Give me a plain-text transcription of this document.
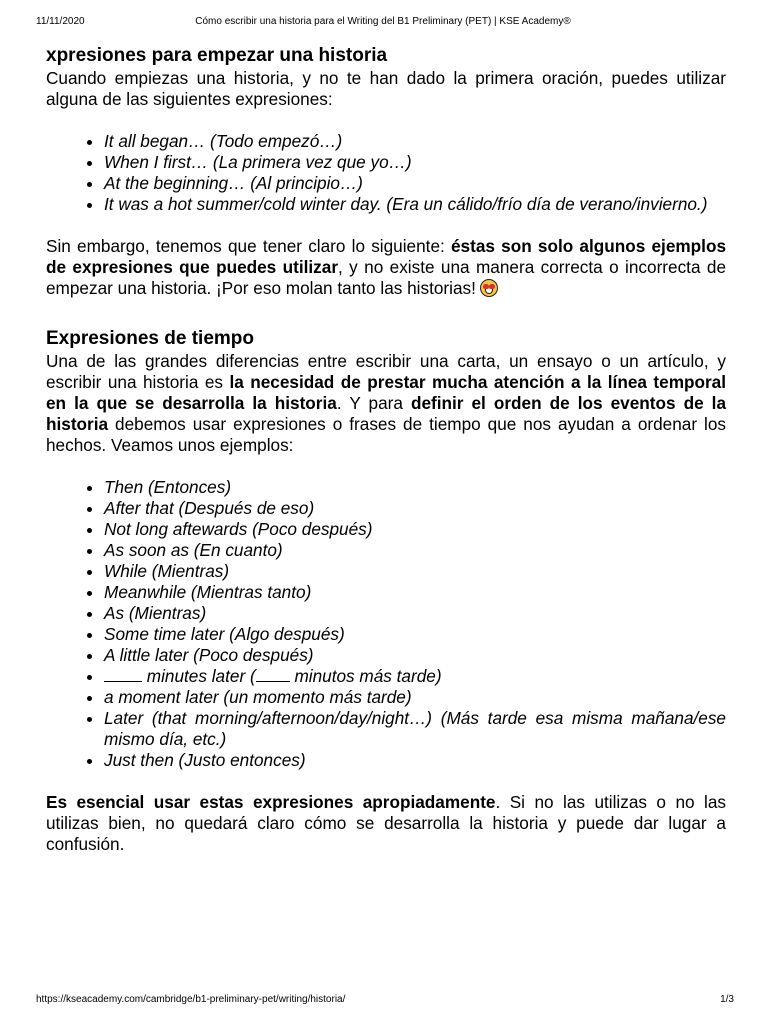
11/11/2020	Cómo escribir una historia para el Writing del B1 Preliminary (PET) | KSE Academy®
xpresiones para empezar una historia

Cuando empiezas una historia, y no te han dado la primera oración, puedes utilizar alguna de las siguientes expresiones:

• It all began… (Todo empezó…)
• When I first… (La primera vez que yo…)
• At the beginning… (Al principio…)
• It was a hot summer/cold winter day. (Era un cálido/frío día de verano/invierno.)

Sin embargo, tenemos que tener claro lo siguiente: éstas son solo algunos ejemplos de expresiones que puedes utilizar, y no existe una manera correcta o incorrecta de empezar una historia. ¡Por eso molan tanto las historias!

Expresiones de tiempo

Una de las grandes diferencias entre escribir una carta, un ensayo o un artículo, y escribir una historia es la necesidad de prestar mucha atención a la línea temporal en la que se desarrolla la historia. Y para definir el orden de los eventos de la historia debemos usar expresiones o frases de tiempo que nos ayudan a ordenar los hechos. Veamos unos ejemplos:

• Then (Entonces)
• After that (Después de eso)
• Not long aftewards (Poco después)
• As soon as (En cuanto)
• While (Mientras)
• Meanwhile (Mientras tanto)
• As (Mientras)
• Some time later (Algo después)
• A little later (Poco después)
• minutes later ( minutos más tarde)
• a moment later (un momento más tarde)
• Later (that morning/afternoon/day/night…) (Más tarde esa misma mañana/ese mismo día, etc.)
• Just then (Justo entonces)

Es esencial usar estas expresiones apropiadamente. Si no las utilizas o no las utilizas bien, no quedará claro cómo se desarrolla la historia y puede dar lugar a confusión.

https://kseacademy.com/cambridge/b1-preliminary-pet/writing/historia/	1/3
